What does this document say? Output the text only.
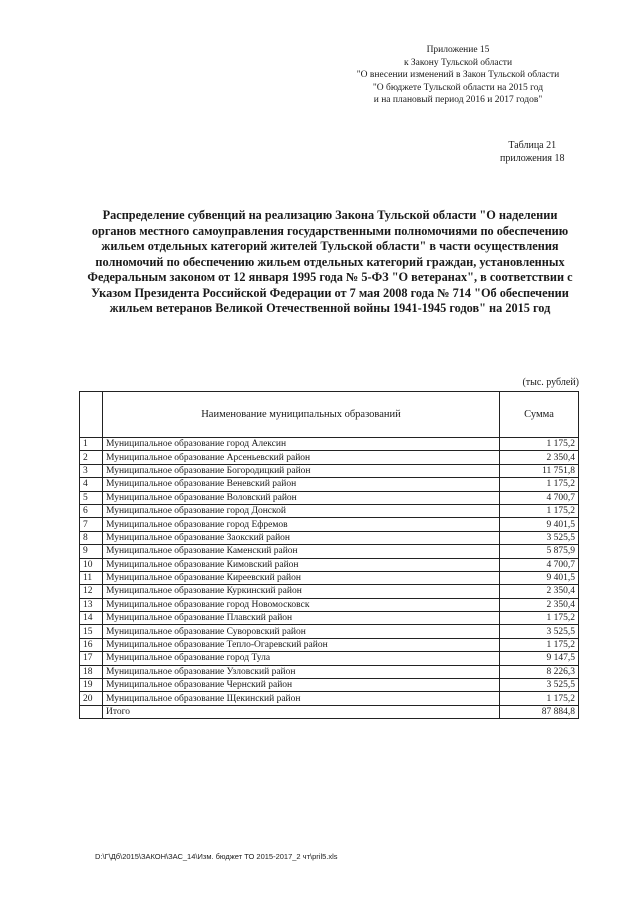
Приложение 15
к Закону Тульской области
"О внесении изменений в Закон Тульской области
"О бюджете Тульской области на 2015 год
и на плановый период 2016 и 2017 годов"
Таблица 21
приложения 18
Распределение субвенций на реализацию Закона Тульской области "О наделении органов местного самоуправления государственными полномочиями по обеспечению жильем отдельных категорий жителей Тульской области" в части осуществления полномочий по обеспечению жильем отдельных категорий граждан, установленных Федеральным законом от 12 января 1995 года № 5-ФЗ "О ветеранах", в соответствии с Указом Президента Российской Федерации от 7 мая 2008 года № 714 "Об обеспечении жильем ветеранов Великой Отечественной войны 1941-1945 годов" на 2015 год
(тыс. рублей)
	Наименование муниципальных образований	Сумма
1	Муниципальное образование город Алексин	1 175,2
2	Муниципальное образование Арсеньевский район	2 350,4
3	Муниципальное образование Богородицкий район	11 751,8
4	Муниципальное образование Веневский район	1 175,2
5	Муниципальное образование Воловский район	4 700,7
6	Муниципальное образование город Донской	1 175,2
7	Муниципальное образование город Ефремов	9 401,5
8	Муниципальное образование Заокский район	3 525,5
9	Муниципальное образование Каменский район	5 875,9
10	Муниципальное образование Кимовский район	4 700,7
11	Муниципальное образование Киреевский район	9 401,5
12	Муниципальное образование Куркинский район	2 350,4
13	Муниципальное образование город Новомосковск	2 350,4
14	Муниципальное образование Плавский район	1 175,2
15	Муниципальное образование Суворовский район	3 525,5
16	Муниципальное образование Тепло-Огаревский район	1 175,2
17	Муниципальное образование город Тула	9 147,5
18	Муниципальное образование Узловский район	8 226,3
19	Муниципальное образование Чернский район	3 525,5
20	Муниципальное образование Щекинский район	1 175,2
	Итого	87 884,8
D:\Г\Дб\2015\ЗАКОН\ЗАС_14\Изм. бюджет ТО 2015-2017_2 чт\pril5.xls
